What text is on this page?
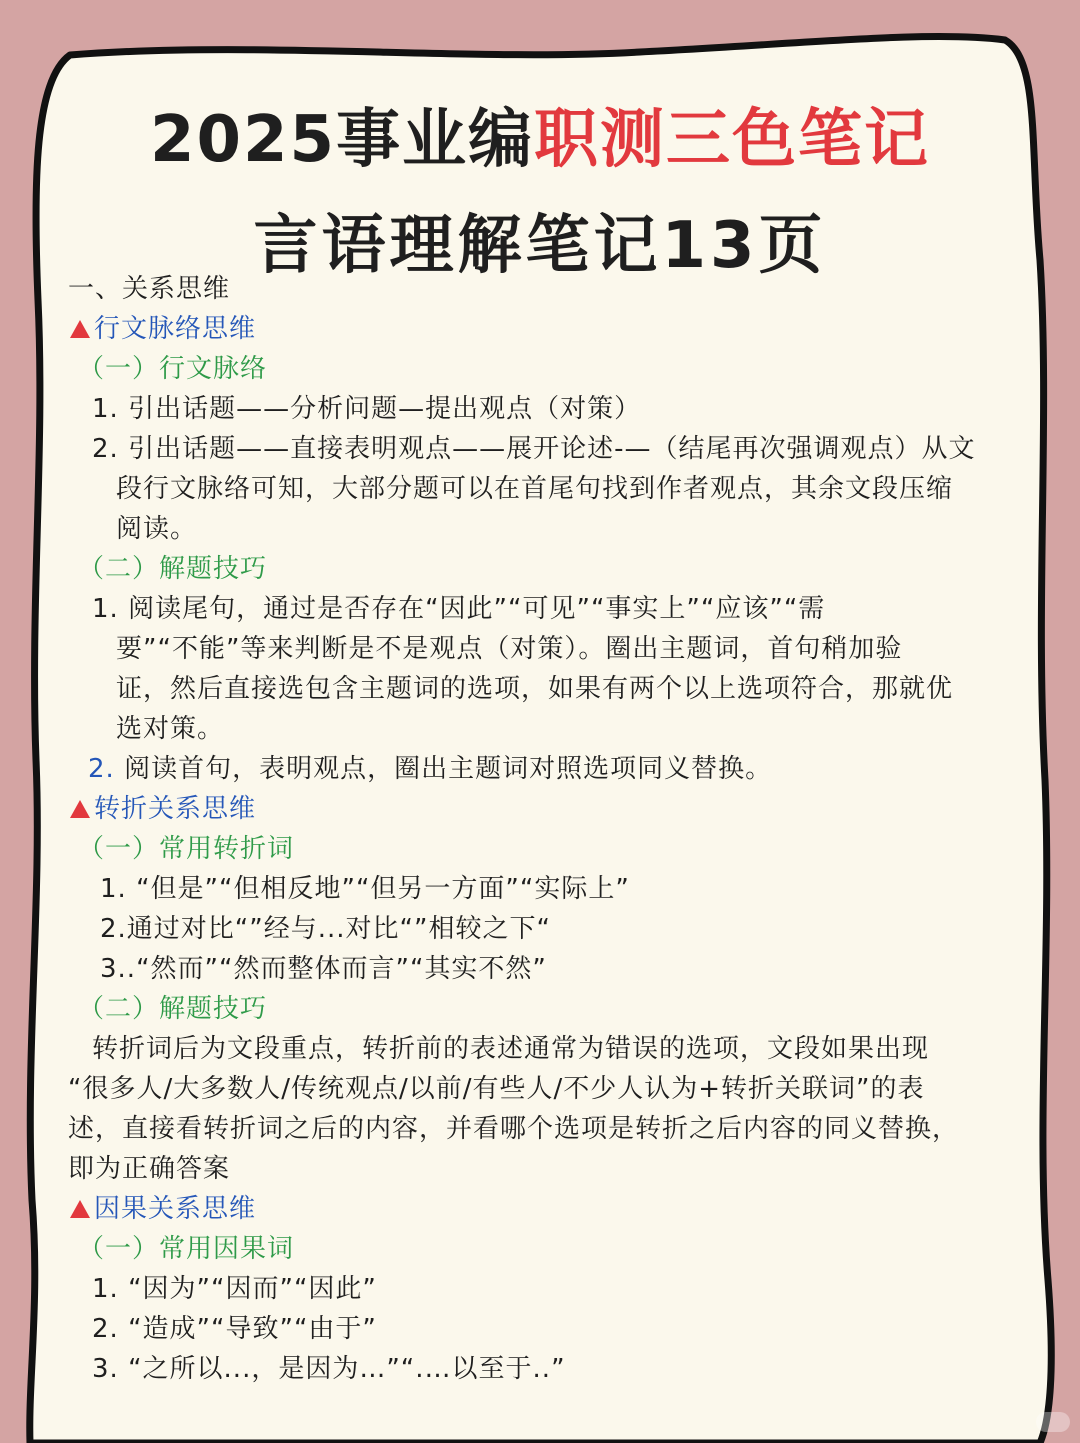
2025事业编职测三色笔记
言语理解笔记13页
一、关系思维
行文脉络思维
（一）行文脉络
1. 引出话题——分析问题—提出观点（对策）
2. 引出话题——直接表明观点——展开论述-—（结尾再次强调观点）从文
段行文脉络可知，大部分题可以在首尾句找到作者观点，其余文段压缩
阅读。
（二）解题技巧
1. 阅读尾句，通过是否存在“因此”“可见”“事实上”“应该”“需
要”“不能”等来判断是不是观点（对策）。圈出主题词，首句稍加验
证，然后直接选包含主题词的选项，如果有两个以上选项符合，那就优
选对策。
2. 阅读首句，表明观点，圈出主题词对照选项同义替换。
转折关系思维
（一）常用转折词
1. “但是”“但相反地”“但另一方面”“实际上”
2.通过对比“”经与...对比“”相较之下“
3..“然而”“然而整体而言”“其实不然”
（二）解题技巧
转折词后为文段重点，转折前的表述通常为错误的选项，文段如果出现
“很多人/大多数人/传统观点/以前/有些人/不少人认为+转折关联词”的表
述，直接看转折词之后的内容，并看哪个选项是转折之后内容的同义替换，
即为正确答案
因果关系思维
（一）常用因果词
1. “因为”“因而”“因此”
2. “造成”“导致”“由于”
3. “之所以...，是因为…”“.…以至于..”
